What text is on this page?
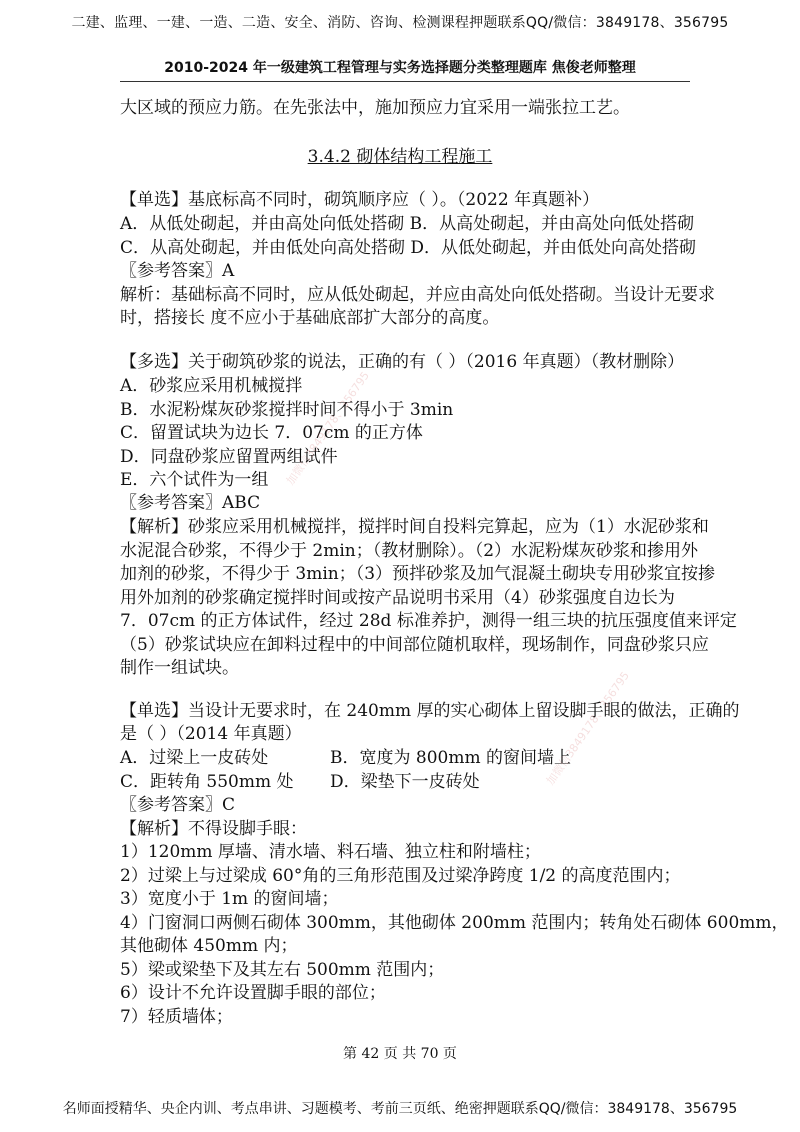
二建、监理、一建、一造、二造、安全、消防、咨询、检测课程押题联系QQ/微信：3849178、356795
2010-2024 年一级建筑工程管理与实务选择题分类整理题库 焦俊老师整理
大区域的预应力筋。在先张法中，施加预应力宜采用一端张拉工艺。
3.4.2 砌体结构工程施工
【单选】基底标高不同时，砌筑顺序应（ ）。（2022 年真题补）
A．从低处砌起，并由高处向低处搭砌 B．从高处砌起，并由高处向低处搭砌
C．从高处砌起，并由低处向高处搭砌 D．从低处砌起，并由低处向高处搭砌
〖参考答案〗A
解析：基础标高不同时，应从低处砌起，并应由高处向低处搭砌。当设计无要求
时，搭接长 度不应小于基础底部扩大部分的高度。
【多选】关于砌筑砂浆的说法，正确的有（ ）（2016 年真题）（教材删除）
A．砂浆应采用机械搅拌
B．水泥粉煤灰砂浆搅拌时间不得小于 3min
C．留置试块为边长 7．07cm 的正方体
D．同盘砂浆应留置两组试件
E．六个试件为一组
〖参考答案〗ABC
【解析】砂浆应采用机械搅拌，搅拌时间自投料完算起，应为（1）水泥砂浆和
水泥混合砂浆，不得少于 2min；（教材删除）。（2）水泥粉煤灰砂浆和掺用外
加剂的砂浆，不得少于 3min；（3）预拌砂浆及加气混凝土砌块专用砂浆宜按掺
用外加剂的砂浆确定搅拌时间或按产品说明书采用（4）砂浆强度自边长为
7．07cm 的正方体试件，经过 28d 标准养护，测得一组三块的抗压强度值来评定
（5）砂浆试块应在卸料过程中的中间部位随机取样，现场制作，同盘砂浆只应
制作一组试块。
【单选】当设计无要求时，在 240mm 厚的实心砌体上留设脚手眼的做法，正确的
是（ ）（2014 年真题）
A．过梁上一皮砖处	B．宽度为 800mm 的窗间墙上
C．距转角 550mm 处 D．梁垫下一皮砖处
〖参考答案〗C
【解析】不得设脚手眼：
1）120mm 厚墙、清水墙、料石墙、独立柱和附墙柱；
2）过梁上与过梁成 60°角的三角形范围及过梁净跨度 1/2 的高度范围内；
3）宽度小于 1m 的窗间墙；
4）门窗洞口两侧石砌体 300mm，其他砌体 200mm 范围内；转角处石砌体 600mm，
其他砌体 450mm 内；
5）梁或梁垫下及其左右 500mm 范围内；
6）设计不允许设置脚手眼的部位；
7）轻质墙体；
第 42 页 共 70 页
名师面授精华、央企内训、考点串讲、习题模考、考前三页纸、绝密押题联系QQ/微信：3849178、356795
加微信3849178、356795
加微信3849178、356795
